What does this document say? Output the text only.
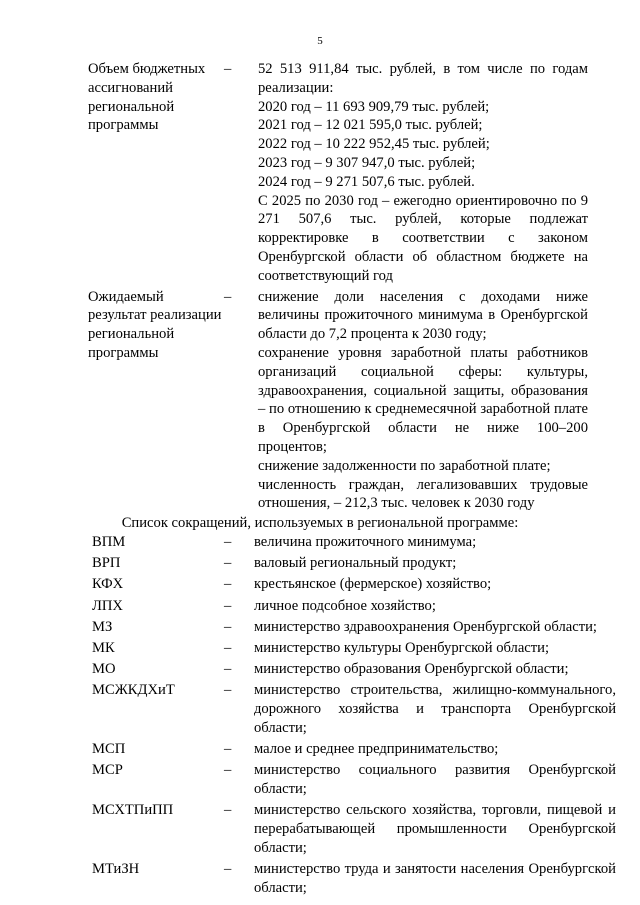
5
Объем бюджетных ассигнований региональной программы
–	52 513 911,84 тыс. рублей, в том числе по годам реализации:

2020 год – 11 693 909,79 тыс. рублей;

2021 год – 12 021 595,0 тыс. рублей;

2022 год – 10 222 952,45 тыс. рублей;

2023 год – 9 307 947,0 тыс. рублей;

2024 год – 9 271 507,6 тыс. рублей.

С 2025 по 2030 год – ежегодно ориентировочно по 9 271 507,6 тыс. рублей, которые подлежат корректировке в соответствии с законом Оренбургской области об областном бюджете на соответствующий год

Ожидаемый результат реализации региональной программы
–	снижение доли населения с доходами ниже величины прожиточного минимума в Оренбургской области до 7,2 процента к 2030 году;

сохранение уровня заработной платы работников организаций социальной сферы: культуры, здравоохранения, социальной защиты, образования – по отношению к среднемесячной заработной плате в Оренбургской области не ниже 100–200 процентов;

снижение задолженности по заработной плате;

численность граждан, легализовавших трудовые отношения, – 212,3 тыс. человек к 2030 году

Список сокращений, используемых в региональной программе:
ВПМ	–	величина прожиточного минимума;
ВРП	–	валовый региональный продукт;
КФХ	–	крестьянское (фермерское) хозяйство;
ЛПХ	–	личное подсобное хозяйство;
МЗ	–	министерство здравоохранения Оренбургской области;
МК	–	министерство культуры Оренбургской области;
МО	–	министерство образования Оренбургской области;
МСЖКДХиТ	–	министерство строительства, жилищно-коммунального, дорожного хозяйства и транспорта Оренбургской области;
МСП	–	малое и среднее предпринимательство;
МСР	–	министерство социального развития Оренбургской области;
МСХТПиПП	–	министерство сельского хозяйства, торговли, пищевой и перерабатывающей промышленности Оренбургской области;
МТиЗН	–	министерство труда и занятости населения Оренбургской области;
